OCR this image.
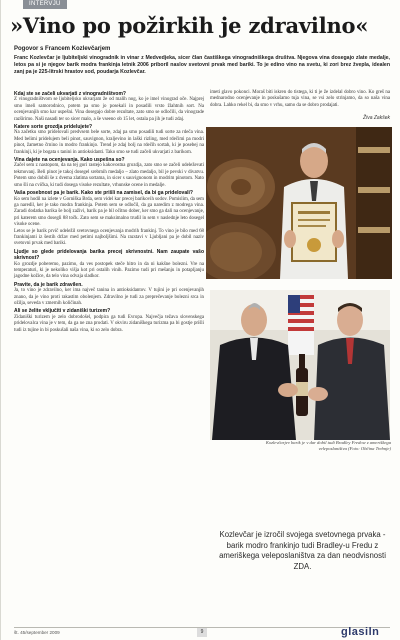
INTERVJU
»Vino po požirkih je zdravilno«
Pogovor s Francem Kozlevčarjem
Franc Kozlevčar je ljubiteljski vinogradnik in vinar z Medvedjeka, sicer član častiškega vinogradniškega društva. Njegova vina dosegajo zlate medalje, letos pa si je njegov barik modra frankinja letnik 2006 priboril naslov svetovni prvak med bariki. To je edino vino na svetu, ki zori brez žvepla, idealen zanj pa je 225-litrski hrastov sod, poudarja Kozlevčar.
Kdaj ste se začeli ukvarjati z vinogradništvom?

Z vinogradništvom se ljubiteljsko ukvarjam že od malih nog, ko je imel vinograd oče. Najprej smo imeli samorodnico, potem pa smo jo posekali in posadili vrsto žlahtnih sort. Na ocenjevanjih smo kar uspešni. Vina dosegajo dobre rezultate, zato smo se odločili, da vinograde razširimo. Naši nasadi ter so sicer malo, a še vseeno ob 15 let, ostala pa jih je tudi zdaj.

Katere sorte grozdja pridelujete?

Na začetku smo pridelovali predvsem bele sorte, zdaj pa smo posadili tudi sorte za rdeča vina. Med belimi pridelujem beli pinot, sauvignon, kraljevino in laški rizling, med rdečimi pa modri pinot, žametno črnino in modro frankinjo. Trend je zdaj bolj na rdečih sortah, ki je posebej na frankinji, ki je bogata s tanini in antioksidanti. Tako smo se tudi začeli ukvarjati z barikom.

Vina dajete na ocenjevanja. Kako uspešna so?

Začel sem z nastopom, da na tej gori rastejo kakovostna grozdja, zato smo se začeli udeleževati tekmovanj. Beli pinot je takoj dosegel srebrnih medaljo – zlato medaljo, bil je pevski v divatvu. Potem smo dobili še z dvema zlatima sortama, in sicer s sauvignonom in modrim pinotom. Nato smo šli na cvička, ki tudi dosega visoke rezultate, vrhunske ocene in medalje.

Vaša posebnost pa je barik. Kako ste prišli na zamisel, da bi ga pridelovali?

Ko sem hodil na izlete v Gorniška Brda, sem videl kar precej barikovih sodov. Pomislim, da sem ga naredil, ker je tako modra frankinja. Potem sem se odločil, da ga naredim z modrega vina. Zaradi dodatka barika še bolj zaživi, barik pa je bil očitno dober, ker smo ga dali na ocenjevanje, pri katerem smo dosegli 88 točk. Zato sem se maksimalno trudil in sem v naslednje leto dosegel visoke ocene.

Letos se je barik prvič udeležil svetovnega ocenjevanja modrih frankinj. To vino je bilo med 68 frankinjami iz šestih držav med petimi najboljšimi. Na razstavi v Ljubljani pa je dobil naziv svetovni prvak med bariki.

Ljudje so glede pridelovanja barika precej skrivnostni. Nam zaupate vašo skrivnost?

Ko grozdje poberemo, pazimo, da ves postopek steče hitro in da ni kakšne bolezni. Vre na temperaturi, ki je nekoliko višja kot pri ostalih vinih. Pazimo tudi pri mešanju in potapljanju jagodne kožice, da telo vina odvaja sladkor.

Pravite, da je barik zdravilen.

Ja, to vino je zdravilno, ker ima največ tanina in antioksidantov. V tujini je pri ocenjevanjih znano, da je vino proti rakastim obolenjem. Zdravilno je tudi za preprečevanje bolezni srca in ožilja, seveda v zmernih količinah.

Ali se želite vključiti v zidaniški turizem?

Zidaniški turizem je zelo dobrodošel, podpira ga tudi Evropa. Največja težava slovenskega pridelovalca vina je v tem, da ga ne zna prodati. V okviru zidaniškega turizma pa bi gostje prišli tudi iz tujine in bi poskušali naša vina, ki so zelo dobra.

imeti glavo pokonci. Moraš biti iskren do tistega, ki ti je že izdelal dobro vino. Ko greš na mednarodno ocenjevanje in poskušamo tuja vina, se vsi zelo strinjamo, da so naša vina dobra. Lahko rekel bi, da smo v vrhu, samo da se dobro prodajati.
Živa Zakšek
Kozlevčarjev barik je v dar dobil tudi Bradley Fredow z ameriškega veleposlaništva (Foto: Občina Trebnje)
Kozlevčar je izročil svojega svetovnega prvaka - barik modro frankinjo tudi Bradley-u Fredu z ameriškega veleposlaništva za dan neodvisnosti ZDA.
št. 45/september 2009	9	glasiln
